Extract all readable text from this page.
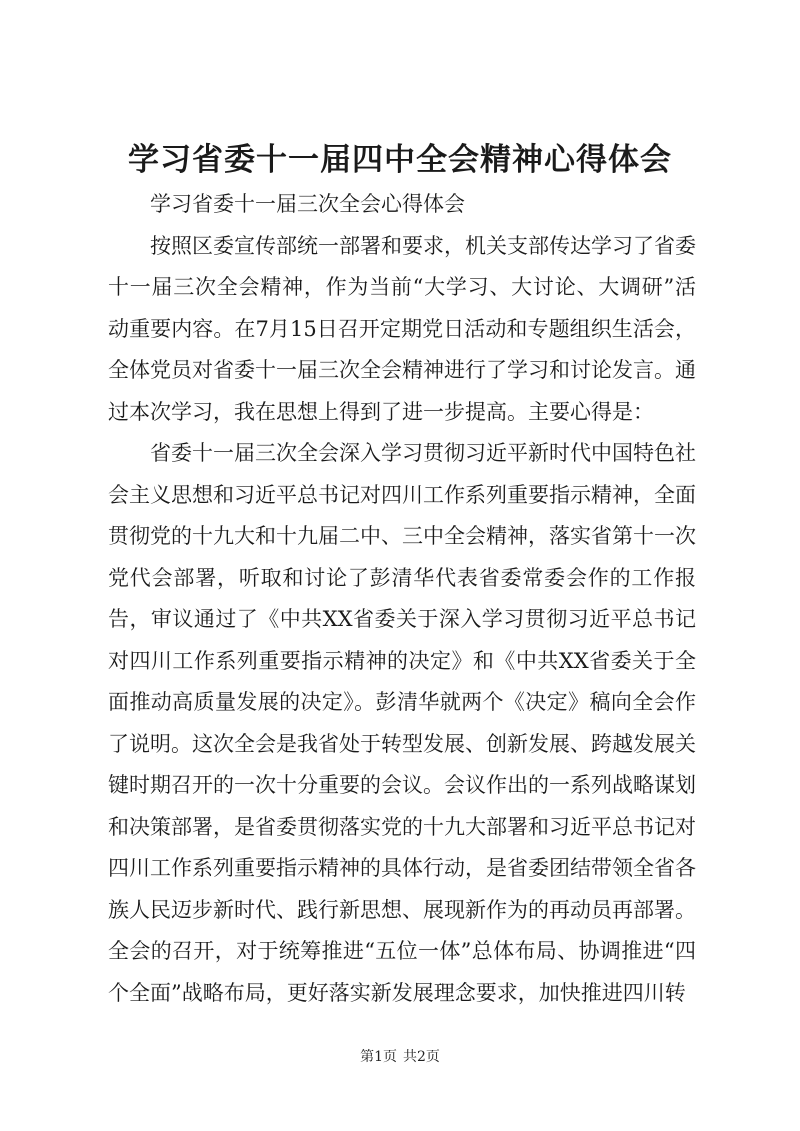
学习省委十一届四中全会精神心得体会

学习省委十一届三次全会心得体会

按照区委宣传部统一部署和要求，机关支部传达学习了省委十一届三次全会精神，作为当前“大学习、大讨论、大调研”活动重要内容。在7月15日召开定期党日活动和专题组织生活会，全体党员对省委十一届三次全会精神进行了学习和讨论发言。通过本次学习，我在思想上得到了进一步提高。主要心得是：

省委十一届三次全会深入学习贯彻习近平新时代中国特色社会主义思想和习近平总书记对四川工作系列重要指示精神，全面贯彻党的十九大和十九届二中、三中全会精神，落实省第十一次党代会部署，听取和讨论了彭清华代表省委常委会作的工作报告，审议通过了《中共XX省委关于深入学习贯彻习近平总书记对四川工作系列重要指示精神的决定》和《中共XX省委关于全面推动高质量发展的决定》。彭清华就两个《决定》稿向全会作了说明。这次全会是我省处于转型发展、创新发展、跨越发展关键时期召开的一次十分重要的会议。会议作出的一系列战略谋划和决策部署，是省委贯彻落实党的十九大部署和习近平总书记对四川工作系列重要指示精神的具体行动，是省委团结带领全省各族人民迈步新时代、践行新思想、展现新作为的再动员再部署。全会的召开，对于统筹推进“五位一体”总体布局、协调推进“四个全面”战略布局，更好落实新发展理念要求，加快推进四川转

第1页 共2页
